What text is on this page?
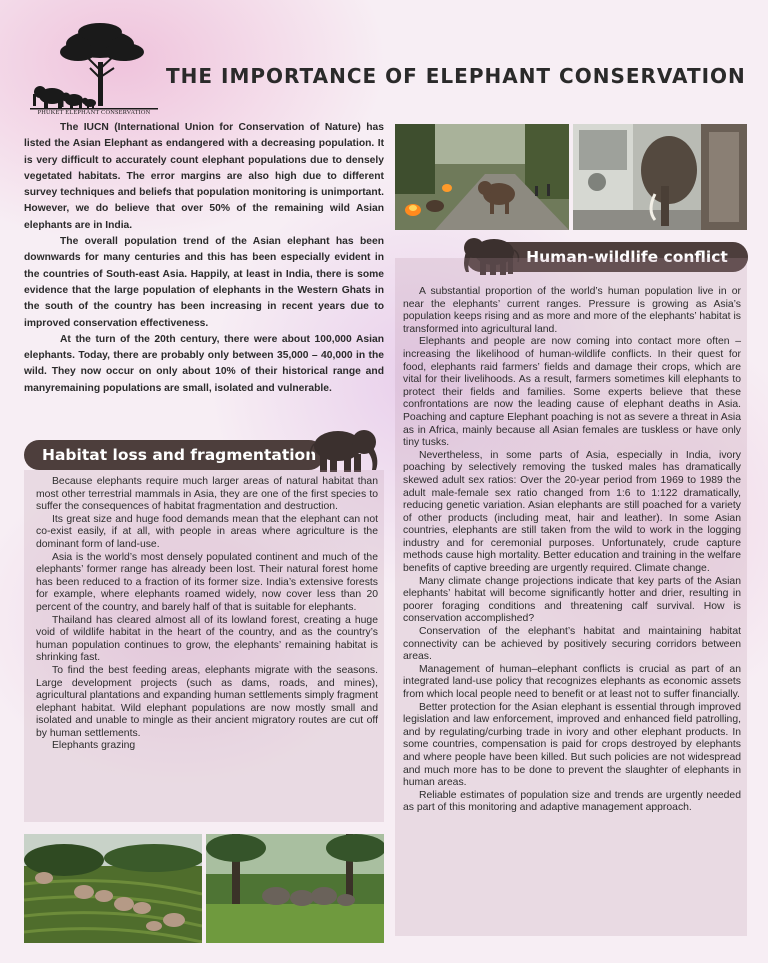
PHUKET ELEPHANT CONSERVATION
THE IMPORTANCE OF ELEPHANT CONSERVATION

The IUCN (International Union for Conservation of Nature) has listed the Asian Elephant as endangered with a decreasing population. It is very difficult to accurately count elephant populations due to densely vegetated habitats. The error margins are also high due to different survey techniques and beliefs that population monitoring is unimportant. However, we do believe that over 50% of the remaining wild Asian elephants are in India.

The overall population trend of the Asian elephant has been downwards for many centuries and this has been especially evident in the countries of South-east Asia. Happily, at least in India, there is some evidence that the large population of elephants in the Western Ghats in the south of the country has been increasing in recent years due to improved conservation effectiveness.

At the turn of the 20th century, there were about 100,000 Asian elephants. Today, there are probably only between 35,000 – 40,000 in the wild. They now occur on only about 10% of their historical range and manyremaining populations are small, isolated and vulnerable.

Human-wildlife conflict

A substantial proportion of the world’s human population live in or near the elephants’ current ranges. Pressure is growing as Asia’s population keeps rising and as more and more of the elephants’ habitat is transformed into agricultural land.

Elephants and people are now coming into contact more often – increasing the likelihood of human-wildlife conflicts. In their quest for food, elephants raid farmers’ fields and damage their crops, which are vital for their livelihoods. As a result, farmers sometimes kill elephants to protect their fields and families. Some experts believe that these confrontations are now the leading cause of elephant deaths in Asia. Poaching and capture Elephant poaching is not as severe a threat in Asia as in Africa, mainly because all Asian females are tuskless or have only tiny tusks.

Nevertheless, in some parts of Asia, especially in India, ivory poaching by selectively removing the tusked males has dramatically skewed adult sex ratios: Over the 20-year period from 1969 to 1989 the adult male-female sex ratio changed from 1:6 to 1:122 dramatically, reducing genetic variation. Asian elephants are still poached for a variety of other products (including meat, hair and leather). In some Asian countries, elephants are still taken from the wild to work in the logging industry and for ceremonial purposes. Unfortunately, crude capture methods cause high mortality. Better education and training in the welfare benefits of captive breeding are urgently required. Climate change.

Many climate change projections indicate that key parts of the Asian elephants’ habitat will become significantly hotter and drier, resulting in poorer foraging conditions and threatening calf survival. How is conservation accomplished?

Conservation of the elephant’s habitat and maintaining habitat connectivity can be achieved by positively securing corridors between areas.

Management of human–elephant conflicts is crucial as part of an integrated land-use policy that recognizes elephants as economic assets from which local people need to benefit or at least not to suffer financially.

Better protection for the Asian elephant is essential through improved legislation and law enforcement, improved and enhanced field patrolling, and by regulating/curbing trade in ivory and other elephant products. In some countries, compensation is paid for crops destroyed by elephants and where people have been killed. But such policies are not widespread and much more has to be done to prevent the slaughter of elephants in human areas.

Reliable estimates of population size and trends are urgently needed as part of this monitoring and adaptive management approach.

Habitat loss and fragmentation

Because elephants require much larger areas of natural habitat than most other terrestrial mammals in Asia, they are one of the first species to suffer the consequences of habitat fragmentation and destruction.

Its great size and huge food demands mean that the elephant can not co-exist easily, if at all, with people in areas where agriculture is the dominant form of land-use.

Asia is the world’s most densely populated continent and much of the elephants’ former range has already been lost. Their natural forest home has been reduced to a fraction of its former size. India’s extensive forests for example, where elephants roamed widely, now cover less than 20 percent of the country, and barely half of that is suitable for elephants.

Thailand has cleared almost all of its lowland forest, creating a huge void of wildlife habitat in the heart of the country, and as the country’s human population continues to grow, the elephants’ remaining habitat is shrinking fast.

To find the best feeding areas, elephants migrate with the seasons. Large development projects (such as dams, roads, and mines), agricultural plantations and expanding human settlements simply fragment elephant habitat. Wild elephant populations are now mostly small and isolated and unable to mingle as their ancient migratory routes are cut off by human settlements.

Elephants grazing
